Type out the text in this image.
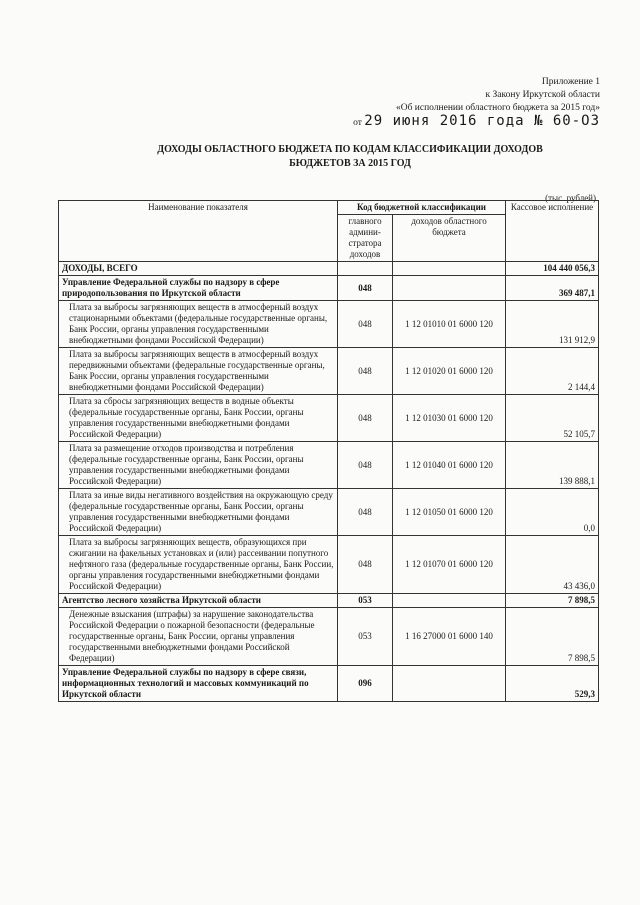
Приложение 1
к Закону Иркутской области
«Об исполнении областного бюджета за 2015 год»
от 29 июня 2016 года № 60-ОЗ
ДОХОДЫ ОБЛАСТНОГО БЮДЖЕТА ПО КОДАМ КЛАССИФИКАЦИИ ДОХОДОВ
БЮДЖЕТОВ ЗА 2015 ГОД
(тыс. рублей)
Наименование показателя	Код бюджетной классификации		Кассовое исполнение
	главного админи-стратора доходов	доходов областного бюджета	
ДОХОДЫ, ВСЕГО			104 440 056,3
Управление Федеральной службы по надзору в сфере природопользования по Иркутской области	048		369 487,1
Плата за выбросы загрязняющих веществ в атмосферный воздух стационарными объектами (федеральные государственные органы, Банк России, органы управления государственными внебюджетными фондами Российской Федерации)	048	1 12 01010 01 6000 120	131 912,9
Плата за выбросы загрязняющих веществ в атмосферный воздух передвижными объектами (федеральные государственные органы, Банк России, органы управления государственными внебюджетными фондами Российской Федерации)	048	1 12 01020 01 6000 120	2 144,4
Плата за сбросы загрязняющих веществ в водные объекты (федеральные государственные органы, Банк России, органы управления государственными внебюджетными фондами Российской Федерации)	048	1 12 01030 01 6000 120	52 105,7
Плата за размещение отходов производства и потребления (федеральные государственные органы, Банк России, органы управления государственными внебюджетными фондами Российской Федерации)	048	1 12 01040 01 6000 120	139 888,1
Плата за иные виды негативного воздействия на окружающую среду (федеральные государственные органы, Банк России, органы управления государственными внебюджетными фондами Российской Федерации)	048	1 12 01050 01 6000 120	0,0
Плата за выбросы загрязняющих веществ, образующихся при сжигании на факельных установках и (или) рассеивании попутного нефтяного газа (федеральные государственные органы, Банк России, органы управления государственными внебюджетными фондами Российской Федерации)	048	1 12 01070 01 6000 120	43 436,0
Агентство лесного хозяйства Иркутской области	053		7 898,5
Денежные взыскания (штрафы) за нарушение законодательства Российской Федерации о пожарной безопасности (федеральные государственные органы, Банк России, органы управления государственными внебюджетными фондами Российской Федерации)	053	1 16 27000 01 6000 140	7 898,5
Управление Федеральной службы по надзору в сфере связи, информационных технологий и массовых коммуникаций по Иркутской области	096		529,3
